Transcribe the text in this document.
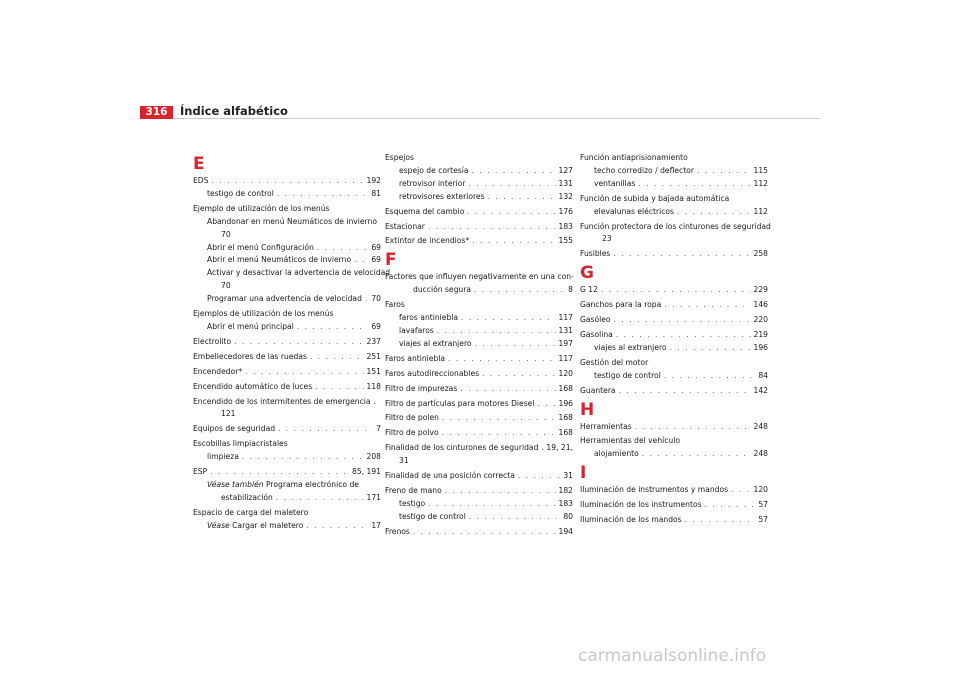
316	Índice alfabético
E
EDS . . .	192
testigo de control . . .	81
Ejemplo de utilización de los menús
Abandonar en menú Neumáticos de invierno
70
Abrir el menú Configuración . . .	69
Abrir el menú Neumáticos de invierno . . .	69
Activar y desactivar la advertencia de velocidad
70
Programar una advertencia de velocidad . . . 70
Ejemplos de utilización de los menús
Abrir el menú principal . . .	69
Electrolito . . .	237
Embellecedores de las ruedas . . .	251
Encendedor* . . .	151
Encendido automático de luces . . .	118
Encendido de los intermitentes de emergencia
. . .
121
Equipos de seguridad . . .	7
Escobillas limpiacristales
limpieza . . .	208
ESP . . .	85, 191
Véase también Programa electrónico de
estabilización . . .	171
Espacio de carga del maletero
Véase Cargar el maletero . . .	17
Espejos
espejo de cortesía . . .	127
retrovisor interior . . .	131
retrovisores exteriores . . .	132
Esquema del cambio . . .	176
Estacionar . . .	183
Extintor de incendios* . . .	155
F
Factores que influyen negativamente en una con-
ducción segura . . .	8
Faros
faros antiniebla . . .	117
lavafaros . . .	131
viajes al extranjero . . .	197
Faros antiniebla . . .	117
Faros autodireccionables . . .	120
Filtro de impurezas . . .	168
Filtro de partículas para motores Diesel . . .	196
Filtro de polen . . .	168
Filtro de polvo . . .	168
Finalidad de los cinturones de seguridad . . . 19, 21,
31
Finalidad de una posición correcta . . .	31
Freno de mano . . .	182
testigo . . .	183
testigo de control . . .	80
Frenos . . .	194
Función antiaprisionamiento
techo corredizo / deflector . . .	115
ventanillas . . .	112
Función de subida y bajada automática
elevalunas eléctricos . . .	112
Función protectora de los cinturones de seguridad
23
Fusibles . . .	258
G
G 12 . . .	229
Ganchos para la ropa . . .	146
Gasóleo . . .	220
Gasolina . . .	219
viajes al extranjero . . .	196
Gestión del motor
testigo de control . . .	84
Guantera . . .	142
H
Herramientas . . .	248
Herramientas del vehículo
alojamiento . . .	248
I
Iluminación de instrumentos y mandos . . .	120
Iluminación de los instrumentos . . .	57
Iluminación de los mandos . . .	57
carmanualsonline.info
